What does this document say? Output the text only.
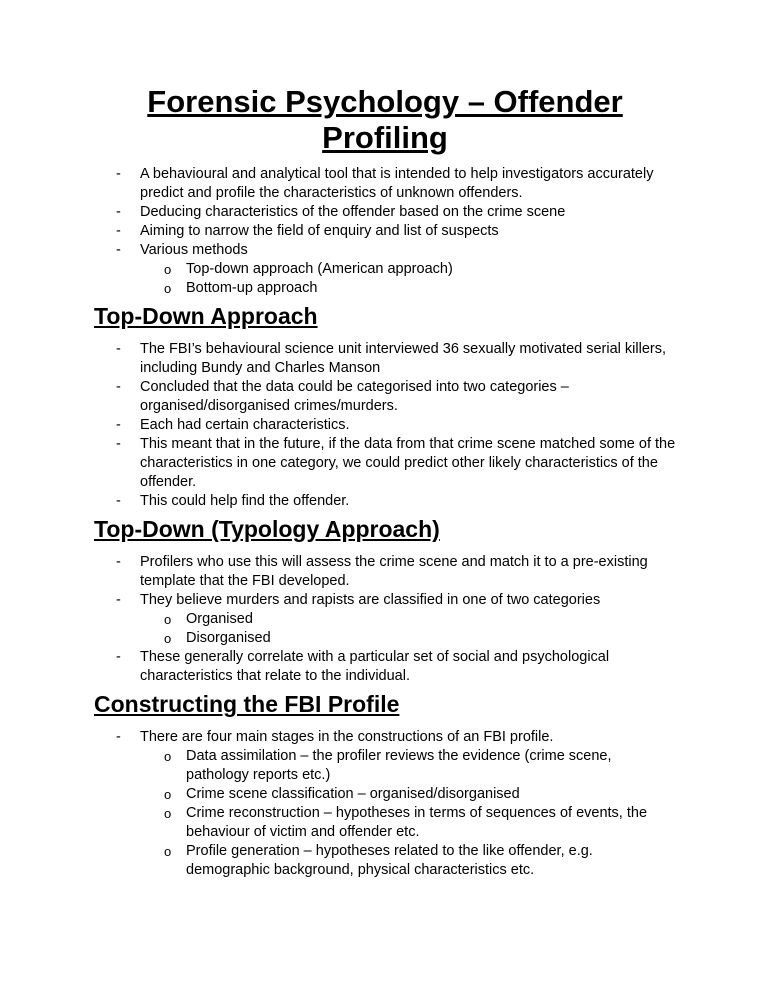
Forensic Psychology – Offender Profiling
- A behavioural and analytical tool that is intended to help investigators accurately predict and profile the characteristics of unknown offenders.
- Deducing characteristics of the offender based on the crime scene
- Aiming to narrow the field of enquiry and list of suspects
- Various methods
o Top-down approach (American approach)
o Bottom-up approach
Top-Down Approach
- The FBI’s behavioural science unit interviewed 36 sexually motivated serial killers, including Bundy and Charles Manson
- Concluded that the data could be categorised into two categories – organised/disorganised crimes/murders.
- Each had certain characteristics.
- This meant that in the future, if the data from that crime scene matched some of the characteristics in one category, we could predict other likely characteristics of the offender.
- This could help find the offender.
Top-Down (Typology Approach)
- Profilers who use this will assess the crime scene and match it to a pre-existing template that the FBI developed.
- They believe murders and rapists are classified in one of two categories
o Organised
o Disorganised
- These generally correlate with a particular set of social and psychological characteristics that relate to the individual.
Constructing the FBI Profile
- There are four main stages in the constructions of an FBI profile.
o Data assimilation – the profiler reviews the evidence (crime scene, pathology reports etc.)
o Crime scene classification – organised/disorganised
o Crime reconstruction – hypotheses in terms of sequences of events, the behaviour of victim and offender etc.
o Profile generation – hypotheses related to the like offender, e.g. demographic background, physical characteristics etc.
